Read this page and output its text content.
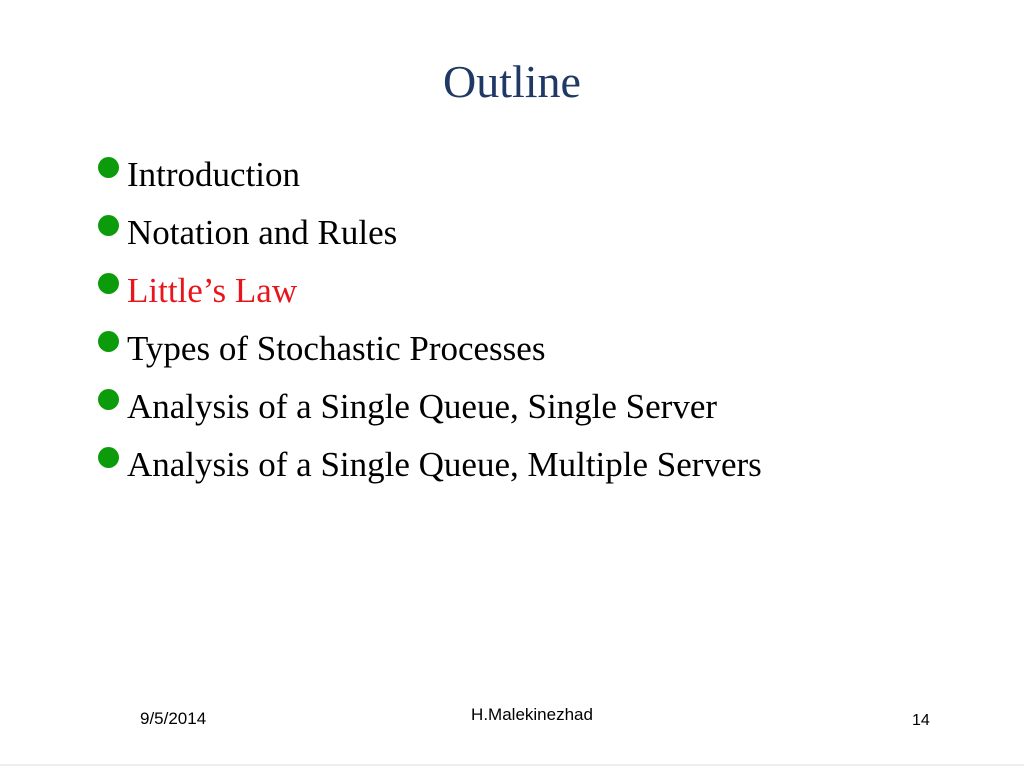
Outline
Introduction
Notation and Rules
Little’s Law
Types of Stochastic Processes
Analysis of a Single Queue, Single Server
Analysis of a Single Queue, Multiple Servers
9/5/2014	H.Malekinezhad	14
